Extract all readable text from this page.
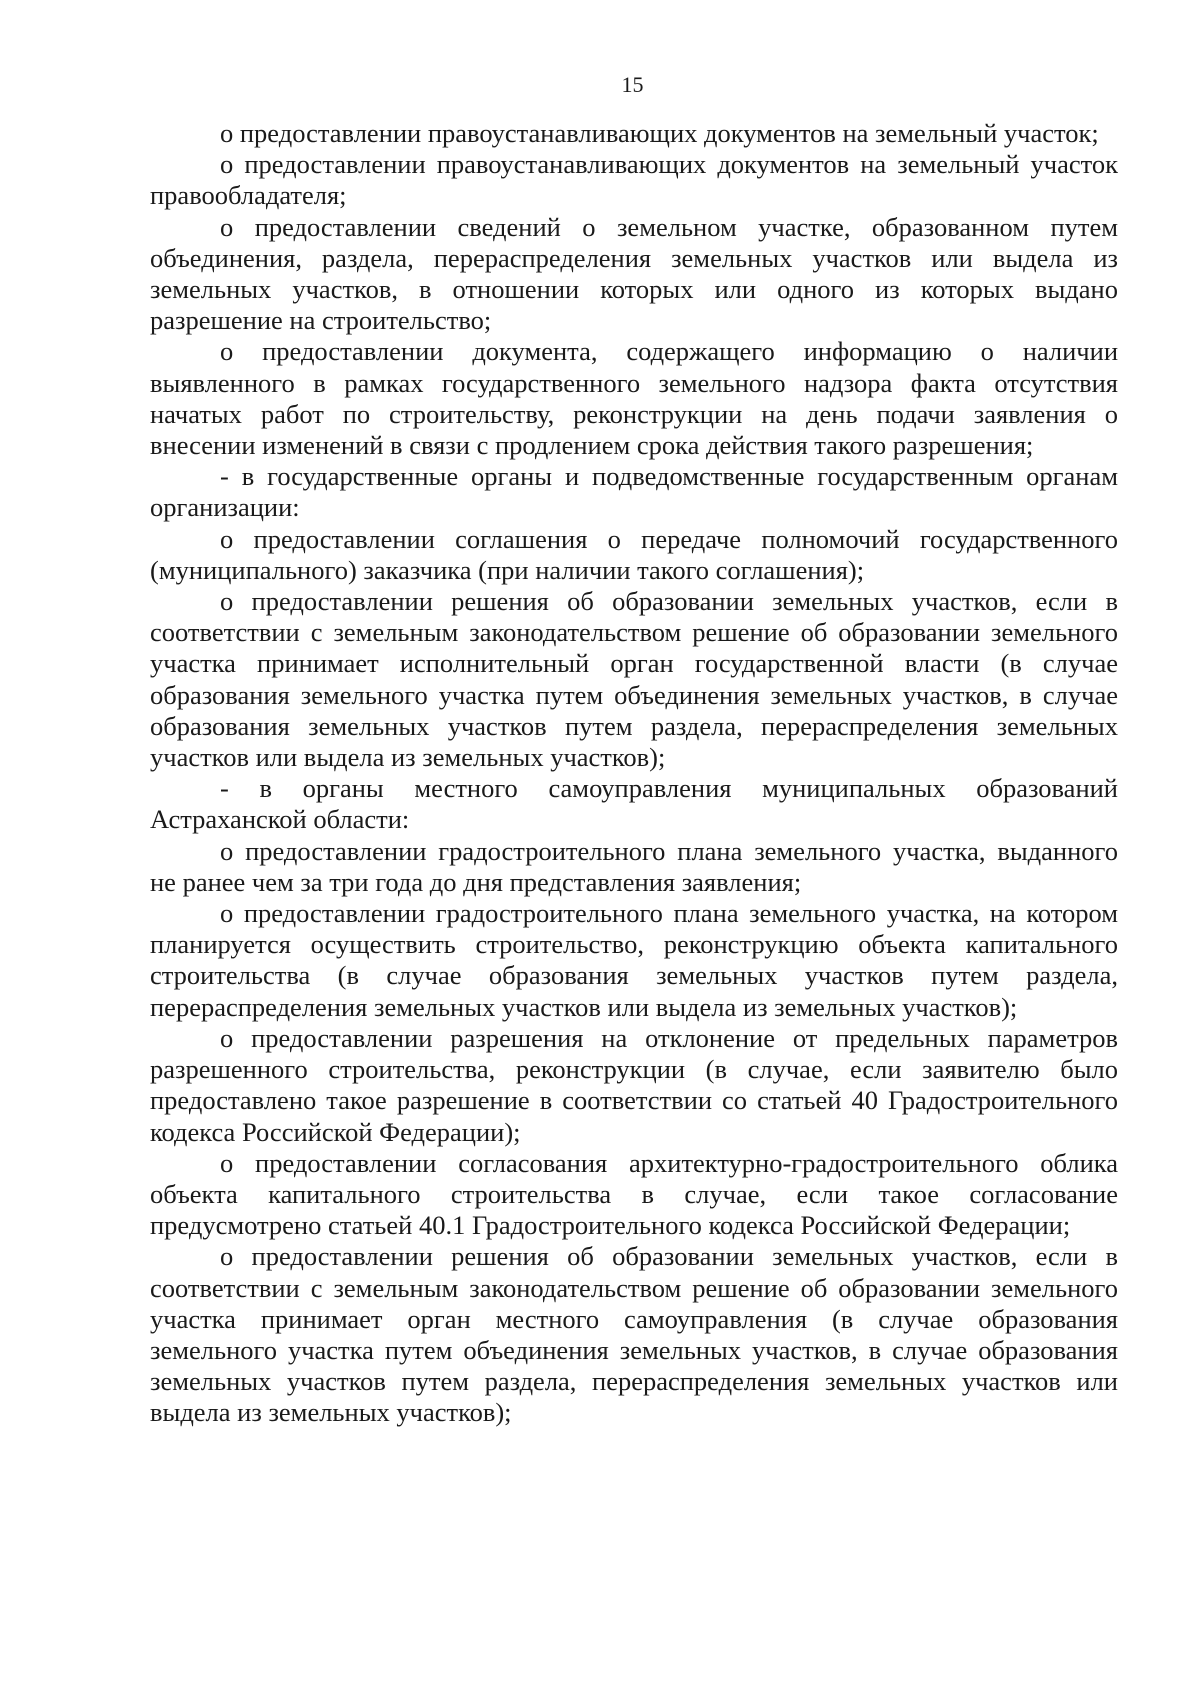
15

о предоставлении правоустанавливающих документов на земельный участок;

о предоставлении правоустанавливающих документов на земельный участок правообладателя;

о предоставлении сведений о земельном участке, образованном путем объединения, раздела, перераспределения земельных участков или выдела из земельных участков, в отношении которых или одного из которых выдано разрешение на строительство;

о предоставлении документа, содержащего информацию о наличии выявленного в рамках государственного земельного надзора факта отсутствия начатых работ по строительству, реконструкции на день подачи заявления о внесении изменений в связи с продлением срока действия такого разрешения;

- в государственные органы и подведомственные государственным органам организации:

о предоставлении соглашения о передаче полномочий государственного (муниципального) заказчика (при наличии такого соглашения);

о предоставлении решения об образовании земельных участков, если в соответствии с земельным законодательством решение об образовании земельного участка принимает исполнительный орган государственной власти (в случае образования земельного участка путем объединения земельных участков, в случае образования земельных участков путем раздела, перераспределения земельных участков или выдела из земельных участков);

- в органы местного самоуправления муниципальных образований Астраханской области:

о предоставлении градостроительного плана земельного участка, выданного не ранее чем за три года до дня представления заявления;

о предоставлении градостроительного плана земельного участка, на котором планируется осуществить строительство, реконструкцию объекта капитального строительства (в случае образования земельных участков путем раздела, перераспределения земельных участков или выдела из земельных участков);

о предоставлении разрешения на отклонение от предельных параметров разрешенного строительства, реконструкции (в случае, если заявителю было предоставлено такое разрешение в соответствии со статьей 40 Градостроительного кодекса Российской Федерации);

о предоставлении согласования архитектурно-градостроительного облика объекта капитального строительства в случае, если такое согласование предусмотрено статьей 40.1 Градостроительного кодекса Российской Федерации;

о предоставлении решения об образовании земельных участков, если в соответствии с земельным законодательством решение об образовании земельного участка принимает орган местного самоуправления (в случае образования земельного участка путем объединения земельных участков, в случае образования земельных участков путем раздела, перераспределения земельных участков или выдела из земельных участков);
